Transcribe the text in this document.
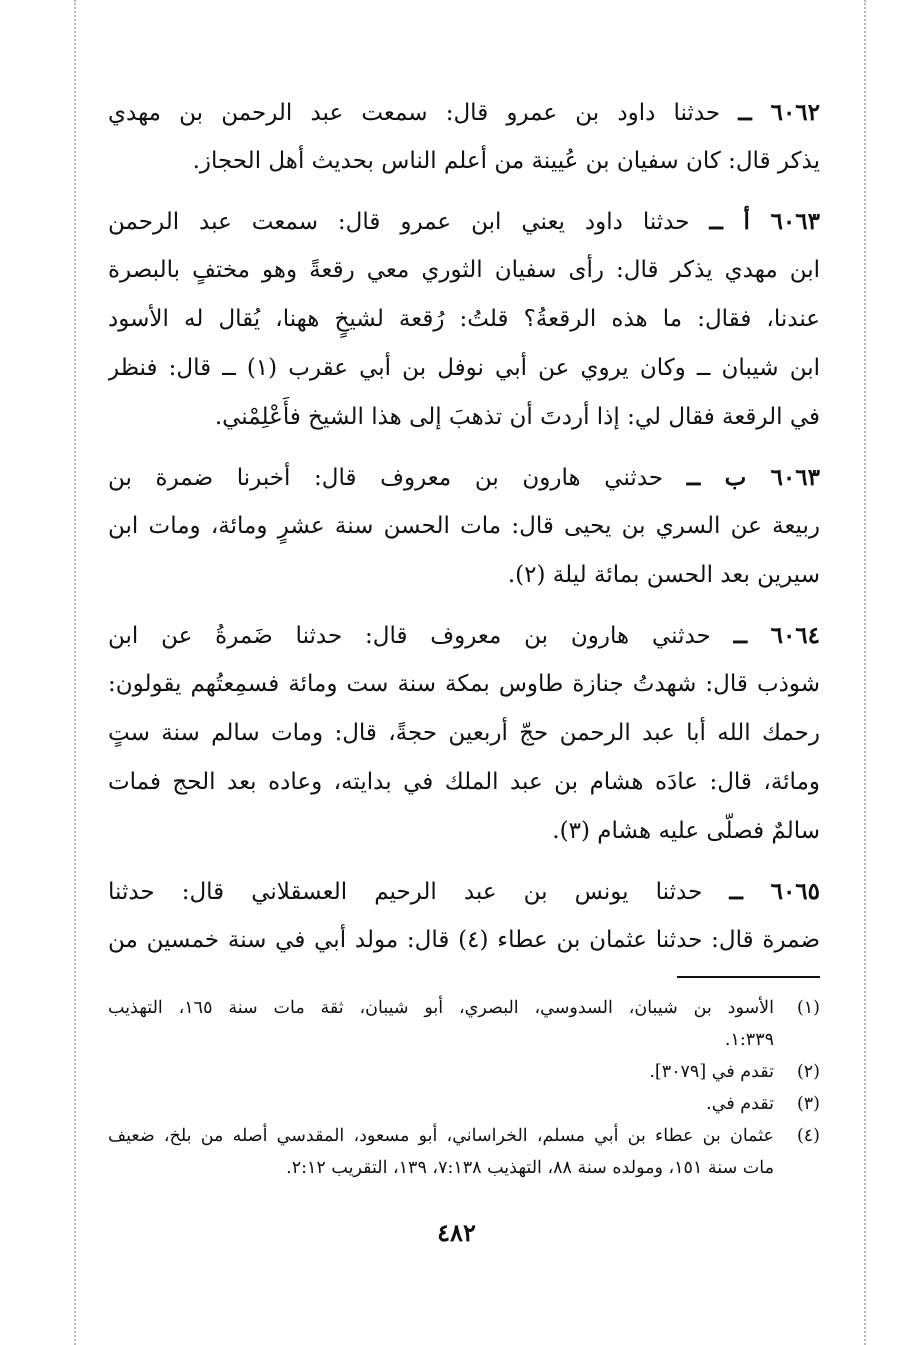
٦٠٦٢ ــ حدثنا داود بن عمرو قال: سمعت عبد الرحمن بن مهدي
يذكر قال: كان سفيان بن عُيينة من أعلم الناس بحديث أهل الحجاز.
٦٠٦٣ أ ــ حدثنا داود يعني ابن عمرو قال: سمعت عبد الرحمن
ابن مهدي يذكر قال: رأى سفيان الثوري معي رقعةً وهو مختفٍ بالبصرة
عندنا، فقال: ما هذه الرقعةُ؟ قلتُ: رُقعة لشيخٍ ههنا، يُقال له الأسود
ابن شيبان ــ وكان يروي عن أبي نوفل بن أبي عقرب (١) ــ قال: فنظر
في الرقعة فقال لي: إذا أردتَ أن تذهبَ إلى هذا الشيخ فأَعْلِمْني.
٦٠٦٣ ب ــ حدثني هارون بن معروف قال: أخبرنا ضمرة بن
ربيعة عن السري بن يحيى قال: مات الحسن سنة عشرٍ ومائة، ومات ابن
سيرين بعد الحسن بمائة ليلة (٢).
٦٠٦٤ ــ حدثني هارون بن معروف قال: حدثنا ضَمرةُ عن ابن
شوذب قال: شهدتُ جنازة طاوس بمكة سنة ست ومائة فسمِعتُهم يقولون:
رحمك الله أبا عبد الرحمن حجّ أربعين حجةً، قال: ومات سالم سنة ستٍ
ومائة، قال: عادَه هشام بن عبد الملك في بدايته، وعاده بعد الحج فمات
سالمٌ فصلّى عليه هشام (٣).
٦٠٦٥ ــ حدثنا يونس بن عبد الرحيم العسقلاني قال: حدثنا
ضمرة قال: حدثنا عثمان بن عطاء (٤) قال: مولد أبي في سنة خمسين من
(١)
الأسود بن شيبان، السدوسي، البصري، أبو شيبان، ثقة مات سنة ١٦٥، التهذيب
١:٣٣٩.
(٢)
تقدم في [٣٠٧٩].
(٣)
تقدم في.
(٤)
عثمان بن عطاء بن أبي مسلم، الخراساني، أبو مسعود، المقدسي أصله من بلخ، ضعيف
مات سنة ١٥١، ومولده سنة ٨٨، التهذيب ٧:١٣٨، ١٣٩، التقريب ٢:١٢.
٤٨٢
